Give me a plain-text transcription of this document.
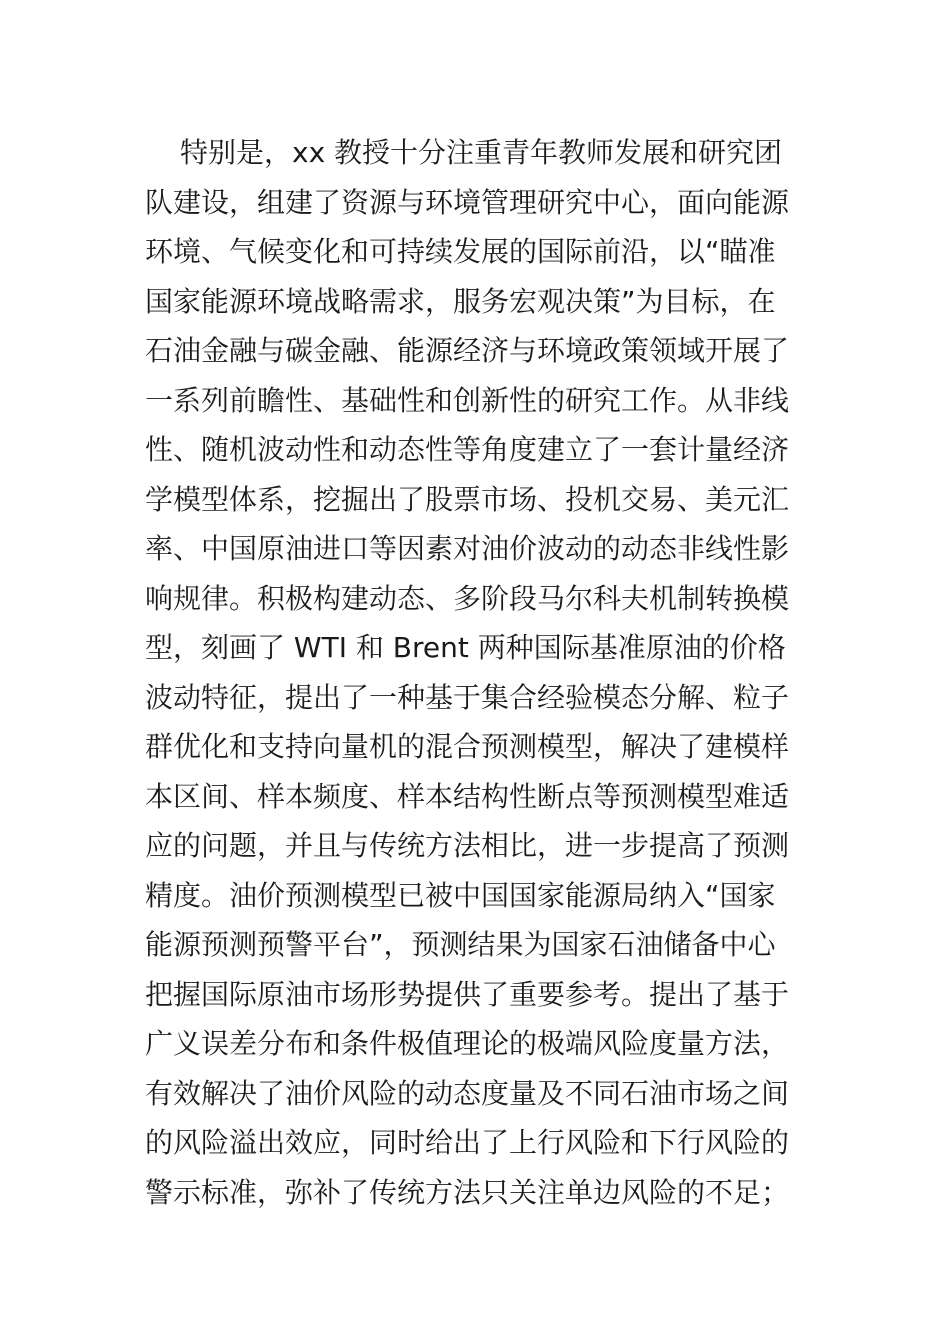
特别是，xx 教授十分注重青年教师发展和研究团
队建设，组建了资源与环境管理研究中心，面向能源
环境、气候变化和可持续发展的国际前沿，以“瞄准
国家能源环境战略需求，服务宏观决策”为目标，在
石油金融与碳金融、能源经济与环境政策领域开展了
一系列前瞻性、基础性和创新性的研究工作。从非线
性、随机波动性和动态性等角度建立了一套计量经济
学模型体系，挖掘出了股票市场、投机交易、美元汇
率、中国原油进口等因素对油价波动的动态非线性影
响规律。积极构建动态、多阶段马尔科夫机制转换模
型，刻画了 WTI 和 Brent 两种国际基准原油的价格
波动特征，提出了一种基于集合经验模态分解、粒子
群优化和支持向量机的混合预测模型，解决了建模样
本区间、样本频度、样本结构性断点等预测模型难适
应的问题，并且与传统方法相比，进一步提高了预测
精度。油价预测模型已被中国国家能源局纳入“国家
能源预测预警平台”，预测结果为国家石油储备中心
把握国际原油市场形势提供了重要参考。提出了基于
广义误差分布和条件极值理论的极端风险度量方法，
有效解决了油价风险的动态度量及不同石油市场之间
的风险溢出效应，同时给出了上行风险和下行风险的
警示标准，弥补了传统方法只关注单边风险的不足；
